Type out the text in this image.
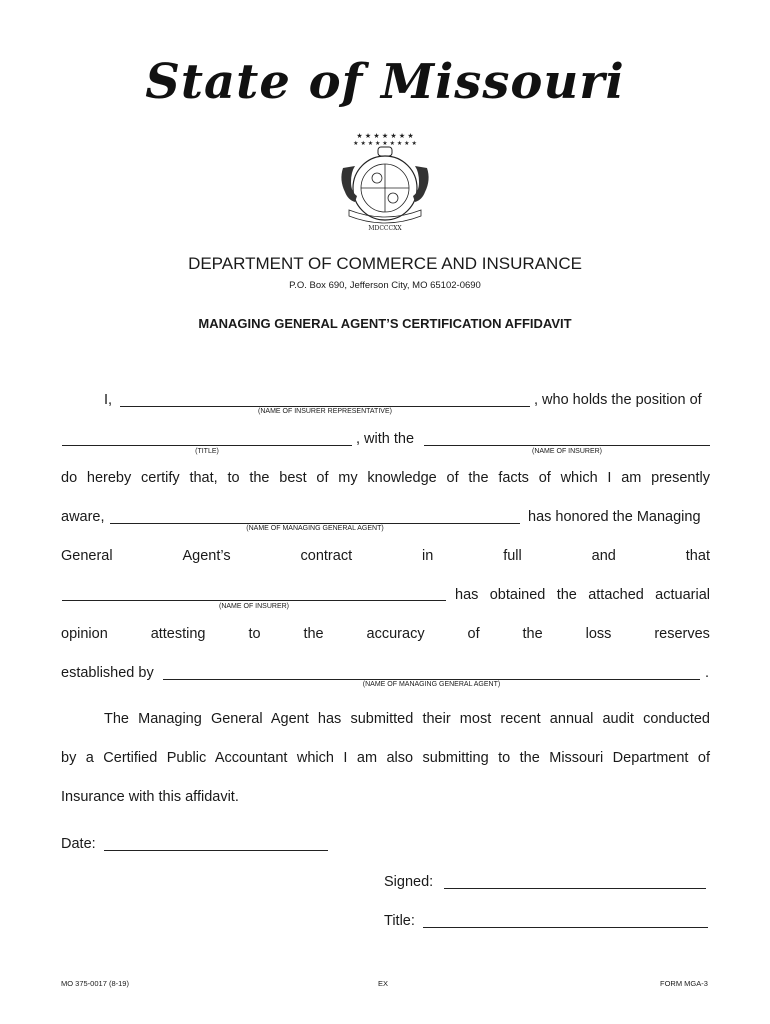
State of Missouri
★ ★ ★ ★ ★ ★ ★
★ ★ ★ ★ ★ ★ ★ ★ ★
MDCCCXX
DEPARTMENT OF COMMERCE AND INSURANCE
P.O. Box 690, Jefferson City, MO 65102-0690
MANAGING GENERAL AGENT’S CERTIFICATION AFFIDAVIT
I,	, who holds the position of
(NAME OF INSURER REPRESENTATIVE)
, with the
(TITLE)	(NAME OF INSURER)
do hereby certify that, to the best of my knowledge of the facts of which I am presently
aware,	has honored the Managing
(NAME OF MANAGING GENERAL AGENT)
General	Agent’s	contract	in	full	and	that
has obtained the attached actuarial
(NAME OF INSURER)
opinion	attesting	to	the	accuracy	of	the	loss	reserves
established by	.
(NAME OF MANAGING GENERAL AGENT)
The Managing General Agent has submitted their most recent annual audit conducted
by a Certified Public Accountant which I am also submitting to the Missouri Department of
Insurance with this affidavit.
Date:
Signed:
Title:
MO 375-0017 (8-19)	EX	FORM MGA-3
